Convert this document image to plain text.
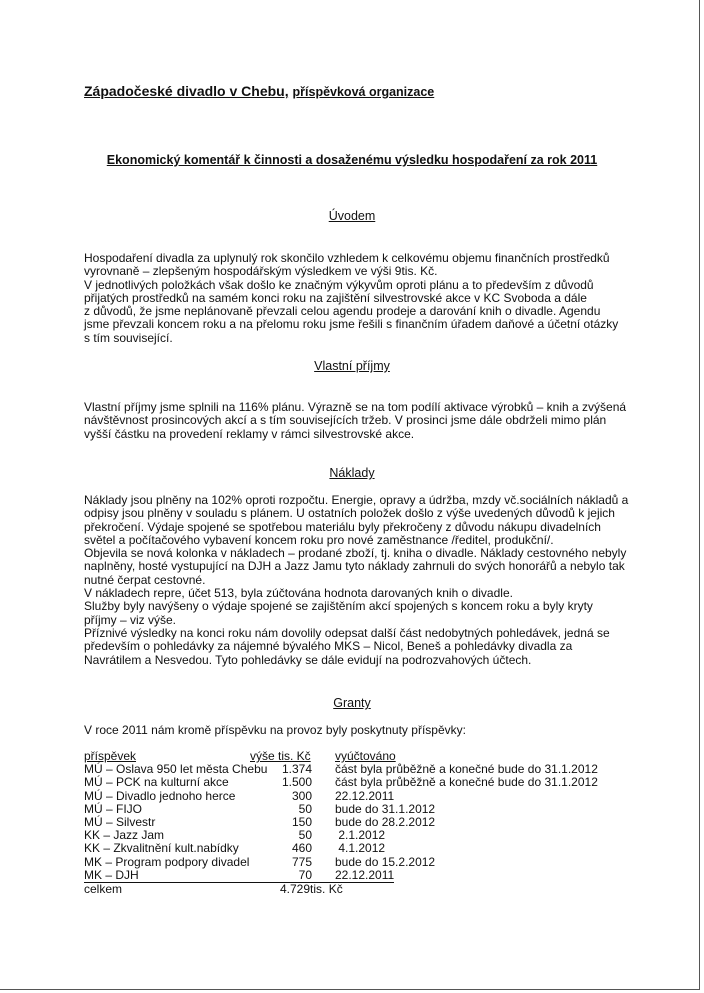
Západočeské divadlo v Chebu, příspěvková organizace
Ekonomický komentář k činnosti a dosaženému výsledku hospodaření za rok 2011
Úvodem
Hospodaření divadla za uplynulý rok skončilo vzhledem k celkovému objemu finančních prostředků
vyrovnaně – zlepšeným hospodářským výsledkem ve výši 9tis. Kč.
V jednotlivých položkách však došlo ke značným výkyvům oproti plánu a to především z důvodů
přijatých prostředků na samém konci roku na zajištění silvestrovské akce v KC Svoboda a dále
z důvodů, že jsme neplánovaně převzali celou agendu prodeje a darování knih o divadle. Agendu
jsme převzali koncem roku a na přelomu roku jsme řešili s finančním úřadem daňové a účetní otázky
s tím související.
Vlastní příjmy
Vlastní příjmy jsme splnili na 116% plánu. Výrazně se na tom podílí aktivace výrobků – knih a zvýšená
návštěvnost prosincových akcí a s tím souvisejících tržeb. V prosinci jsme dále obdrželi mimo plán
vyšší částku na provedení reklamy v rámci silvestrovské akce.
Náklady
Náklady jsou plněny na 102% oproti rozpočtu. Energie, opravy a údržba, mzdy vč.sociálních nákladů a
odpisy jsou plněny v souladu s plánem. U ostatních položek došlo z výše uvedených důvodů k jejich
překročení. Výdaje spojené se spotřebou materiálu byly překročeny z důvodu nákupu divadelních
světel a počítačového vybavení koncem roku pro nové zaměstnance /ředitel, produkční/.
Objevila se nová kolonka v nákladech – prodané zboží, tj. kniha o divadle. Náklady cestovného nebyly
naplněny, hosté vystupující na DJH a Jazz Jamu tyto náklady zahrnuli do svých honorářů a nebylo tak
nutné čerpat cestovné.
V nákladech repre, účet 513, byla zúčtována hodnota darovaných knih o divadle.
Služby byly navýšeny o výdaje spojené se zajištěním akcí spojených s koncem roku a byly kryty
příjmy – viz výše.
Příznivé výsledky na konci roku nám dovolily odepsat další část nedobytných pohledávek, jedná se
především o pohledávky za nájemné bývalého MKS – Nicol, Beneš a pohledávky divadla za
Navrátilem a Nesvedou. Tyto pohledávky se dále evidují na podrozvahových účtech.
Granty
V roce 2011 nám kromě příspěvku na provoz byly poskytnuty příspěvky:
příspěvek	výše tis. Kč vyúčtováno
MÚ – Oslava 950 let města Chebu	1.374 část byla průběžně a konečné bude do 31.1.2012
MÚ – PCK na kulturní akce	1.500 část byla průběžně a konečné bude do 31.1.2012
MÚ – Divadlo jednoho herce	300 22.12.2011
MÚ – FIJO	50 bude do 31.1.2012
MÚ – Silvestr	150 bude do 28.2.2012
KK – Jazz Jam	50 2.1.2012
KK – Zkvalitnění kult.nabídky	460 4.1.2012
MK – Program podpory divadel	775 bude do 15.2.2012
MK – DJH	70 22.12.2011
celkem	4.729tis. Kč
